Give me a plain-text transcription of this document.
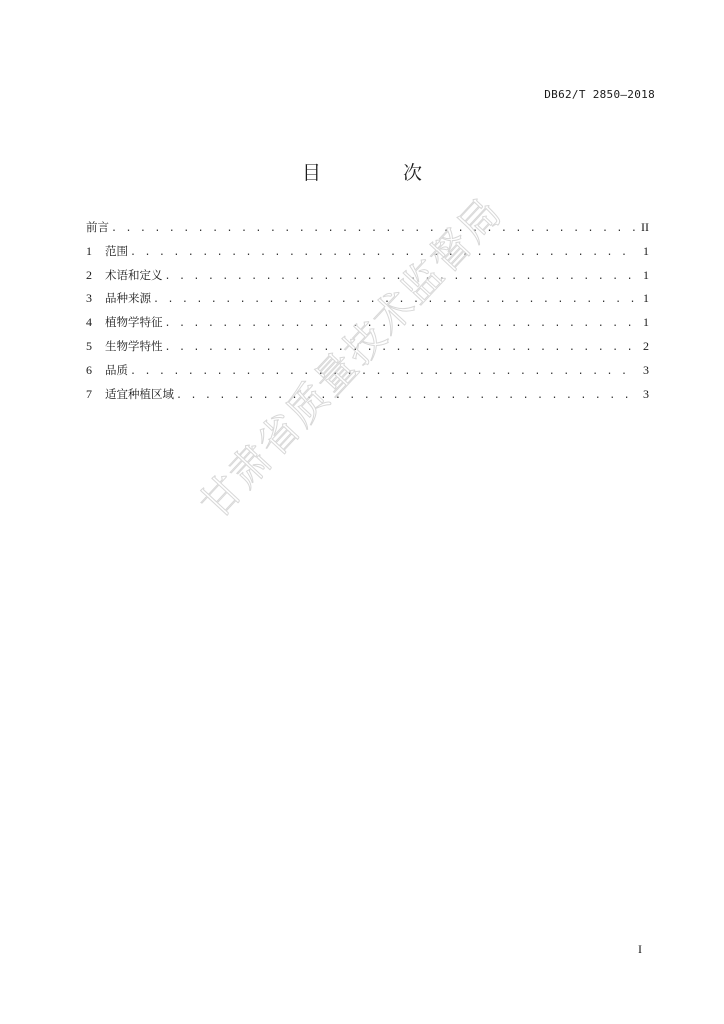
DB62/T 2850—2018
目 次
前言 . . .	II
1	范围 . . .	1
2	术语和定义 . . .	1
3	品种来源 . . .	1
4	植物学特征 . . .	1
5	生物学特性 . . .	2
6	品质 . . .	3
7	适宜种植区域 . . .	3
甘肃省质量技术监督局
I
